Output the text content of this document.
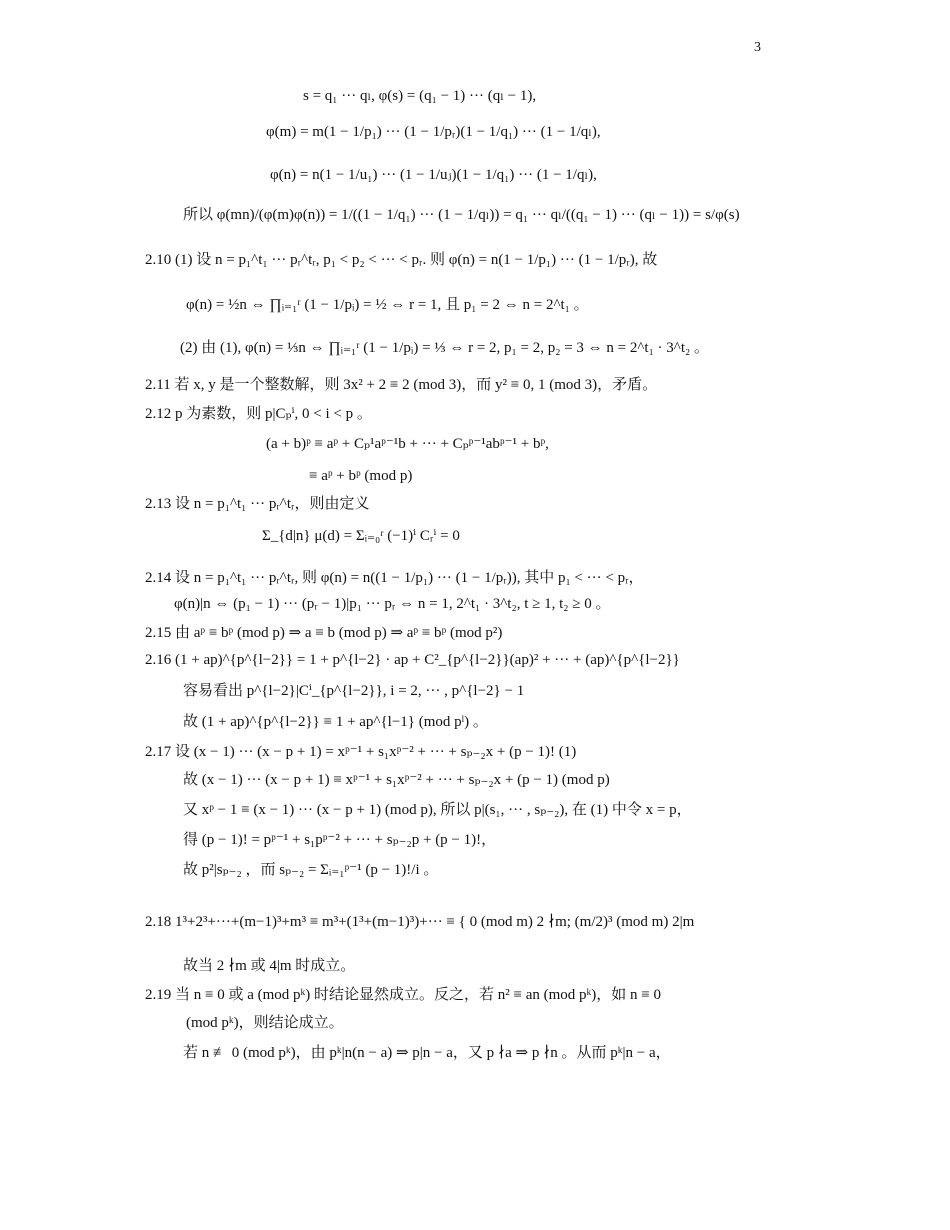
3
s = q₁ ··· qₗ, φ(s) = (q₁ − 1) ··· (qₗ − 1),
φ(m) = m(1 − 1/p₁) ··· (1 − 1/pᵣ)(1 − 1/q₁) ··· (1 − 1/qₗ),
φ(n) = n(1 − 1/u₁) ··· (1 − 1/uⱼ)(1 − 1/q₁) ··· (1 − 1/qₗ),
所以 φ(mn)/(φ(m)φ(n)) = 1/((1 − 1/q₁) ··· (1 − 1/qₗ)) = q₁ ··· qₗ/((q₁ − 1) ··· (qₗ − 1)) = s/φ(s)
2.10 (1) 设 n = p₁^t₁ ··· pᵣ^tᵣ, p₁ < p₂ < ··· < pᵣ. 则 φ(n) = n(1 − 1/p₁) ··· (1 − 1/pᵣ), 故
φ(n) = ½n ⇔ ∏ᵢ₌₁ʳ (1 − 1/pᵢ) = ½ ⇔ r = 1, 且 p₁ = 2 ⇔ n = 2^t₁ 。
(2) 由 (1), φ(n) = ⅓n ⇔ ∏ᵢ₌₁ʳ (1 − 1/pᵢ) = ⅓ ⇔ r = 2, p₁ = 2, p₂ = 3 ⇔ n = 2^t₁ · 3^t₂ 。
2.11 若 x, y 是一个整数解，则 3x² + 2 ≡ 2 (mod 3)，而 y² ≡ 0, 1 (mod 3)，矛盾。
2.12 p 为素数，则 p|Cₚⁱ, 0 < i < p 。
(a + b)ᵖ ≡ aᵖ + Cₚ¹aᵖ⁻¹b + ··· + Cₚᵖ⁻¹abᵖ⁻¹ + bᵖ,
≡ aᵖ + bᵖ (mod p)
2.13 设 n = p₁^t₁ ··· pᵣ^tᵣ，则由定义
Σ_{d|n} μ(d) = Σᵢ₌₀ʳ (−1)ⁱ Cᵣⁱ = 0
2.14 设 n = p₁^t₁ ··· pᵣ^tᵣ, 则 φ(n) = n((1 − 1/p₁) ··· (1 − 1/pᵣ)), 其中 p₁ < ··· < pᵣ，
φ(n)|n ⇔ (p₁ − 1) ··· (pᵣ − 1)|p₁ ··· pᵣ ⇔ n = 1, 2^t₁ · 3^t₂, t ≥ 1, t₂ ≥ 0 。
2.15 由 aᵖ ≡ bᵖ (mod p) ⇒ a ≡ b (mod p) ⇒ aᵖ ≡ bᵖ (mod p²)
2.16 (1 + ap)^{p^{l−2}} = 1 + p^{l−2} · ap + C²_{p^{l−2}}(ap)² + ··· + (ap)^{p^{l−2}}
容易看出 p^{l−2}|Cⁱ_{p^{l−2}}, i = 2, ··· , p^{l−2} − 1
故 (1 + ap)^{p^{l−2}} ≡ 1 + ap^{l−1} (mod pˡ) 。
2.17 设 (x − 1) ··· (x − p + 1) = xᵖ⁻¹ + s₁xᵖ⁻² + ··· + sₚ₋₂x + (p − 1)! (1)
故 (x − 1) ··· (x − p + 1) ≡ xᵖ⁻¹ + s₁xᵖ⁻² + ··· + sₚ₋₂x + (p − 1) (mod p)
又 xᵖ − 1 ≡ (x − 1) ··· (x − p + 1) (mod p), 所以 p|(s₁, ··· , sₚ₋₂), 在 (1) 中令 x = p，
得 (p − 1)! = pᵖ⁻¹ + s₁pᵖ⁻² + ··· + sₚ₋₂p + (p − 1)!，
故 p²|sₚ₋₂ ，而 sₚ₋₂ = Σᵢ₌₁ᵖ⁻¹ (p − 1)!/i 。
2.18 1³+2³+···+(m−1)³+m³ ≡ m³+(1³+(m−1)³)+··· ≡ { 0 (mod m) 2 ∤m; (m/2)³ (mod m) 2|m
故当 2 ∤m 或 4|m 时成立。
2.19 当 n ≡ 0 或 a (mod pᵏ) 时结论显然成立。反之，若 n² ≡ an (mod pᵏ)，如 n ≡ 0
(mod pᵏ)，则结论成立。
若 n ≢ 0 (mod pᵏ)，由 pᵏ|n(n − a) ⇒ p|n − a，又 p ∤a ⇒ p ∤n 。从而 pᵏ|n − a，
